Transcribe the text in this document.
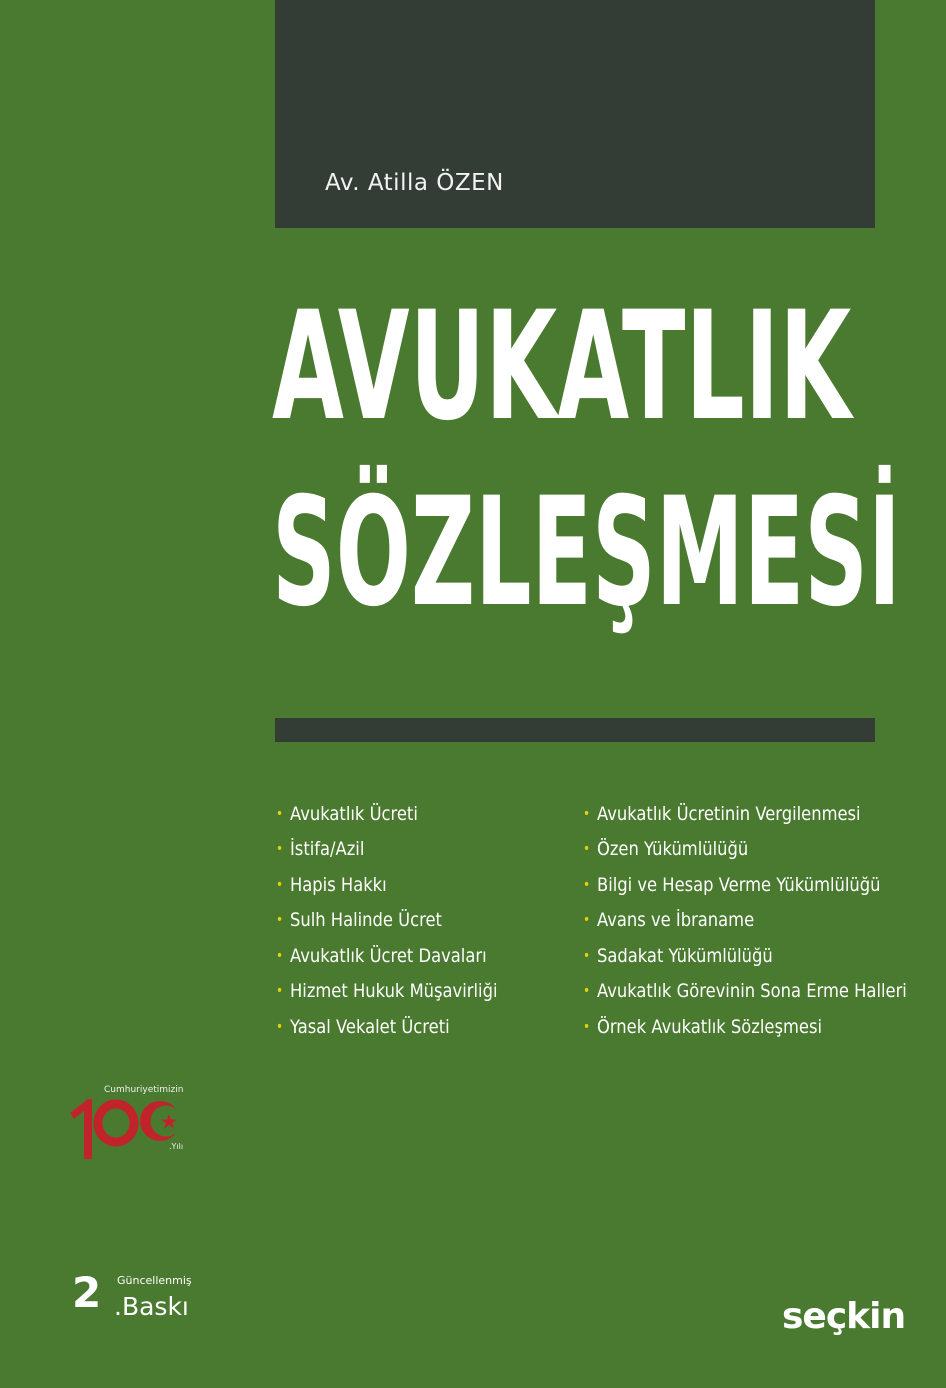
Av. Atilla ÖZEN
AVUKATLIK
SÖZLEŞMESİ
• Avukatlık Ücreti
• İstifa/Azil
• Hapis Hakkı
• Sulh Halinde Ücret
• Avukatlık Ücret Davaları
• Hizmet Hukuk Müşavirliği
• Yasal Vekalet Ücreti
• Avukatlık Ücretinin Vergilenmesi
• Özen Yükümlülüğü
• Bilgi ve Hesap Verme Yükümlülüğü
• Avans ve İbraname
• Sadakat Yükümlülüğü
• Avukatlık Görevinin Sona Erme Halleri
• Örnek Avukatlık Sözleşmesi
Cumhuriyetimizin
.Yılı
2 Güncellenmiş
.Baskı	seçkin
